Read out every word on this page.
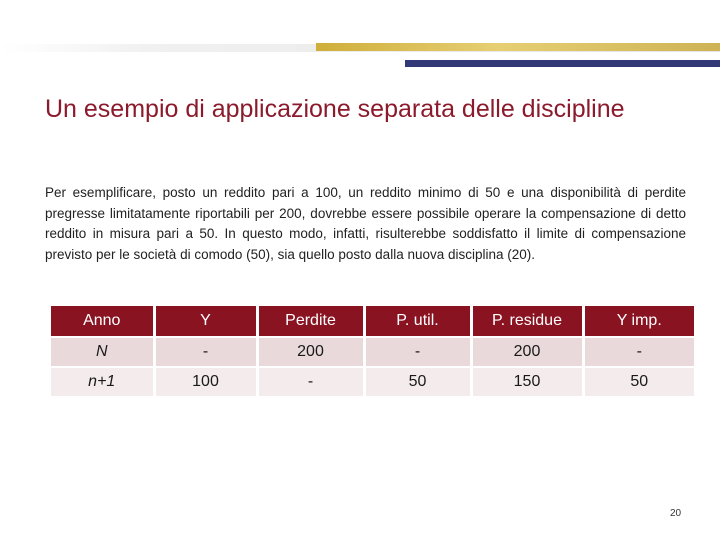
Un esempio di applicazione separata delle discipline

Per esemplificare, posto un reddito pari a 100, un reddito minimo di 50 e una disponibilità di perdite pregresse limitatamente riportabili per 200, dovrebbe essere possibile operare la compensazione di detto reddito in misura pari a 50. In questo modo, infatti, risulterebbe soddisfatto il limite di compensazione previsto per le società di comodo (50), sia quello posto dalla nuova disciplina (20).

Anno	Y	Perdite	P. util.	P. residue	Y imp.
N	-	200	-	200	-
n+1	100	-	50	150	50
20
